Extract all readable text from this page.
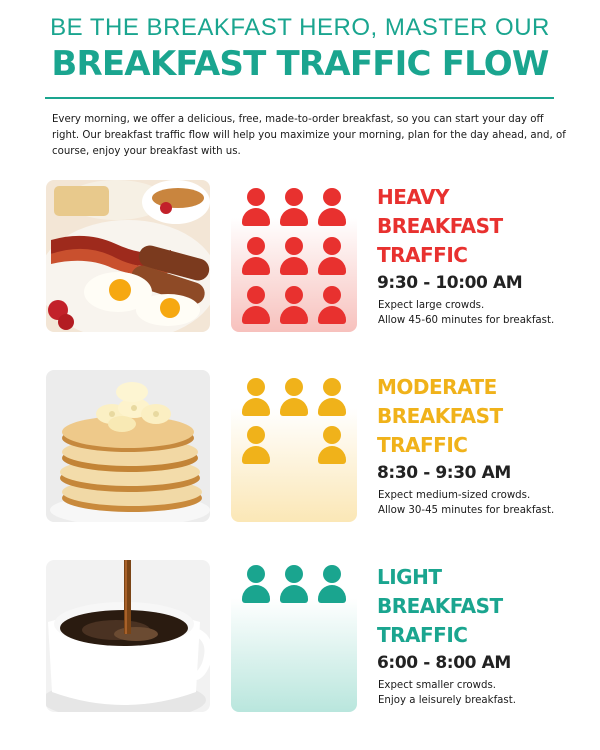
BE THE BREAKFAST HERO, MASTER OUR
BREAKFAST TRAFFIC FLOW
Every morning, we offer a delicious, free, made-to-order breakfast, so you can start your day off right. Our breakfast traffic flow will help you maximize your morning, plan for the day ahead, and, of course, enjoy your breakfast with us.
HEAVY
BREAKFAST
TRAFFIC
9:30 - 10:00 AM
Expect large crowds.
Allow 45-60 minutes for breakfast.
MODERATE
BREAKFAST
TRAFFIC
8:30 - 9:30 AM
Expect medium-sized crowds.
Allow 30-45 minutes for breakfast.
LIGHT
BREAKFAST
TRAFFIC
6:00 - 8:00 AM
Expect smaller crowds.
Enjoy a leisurely breakfast.
